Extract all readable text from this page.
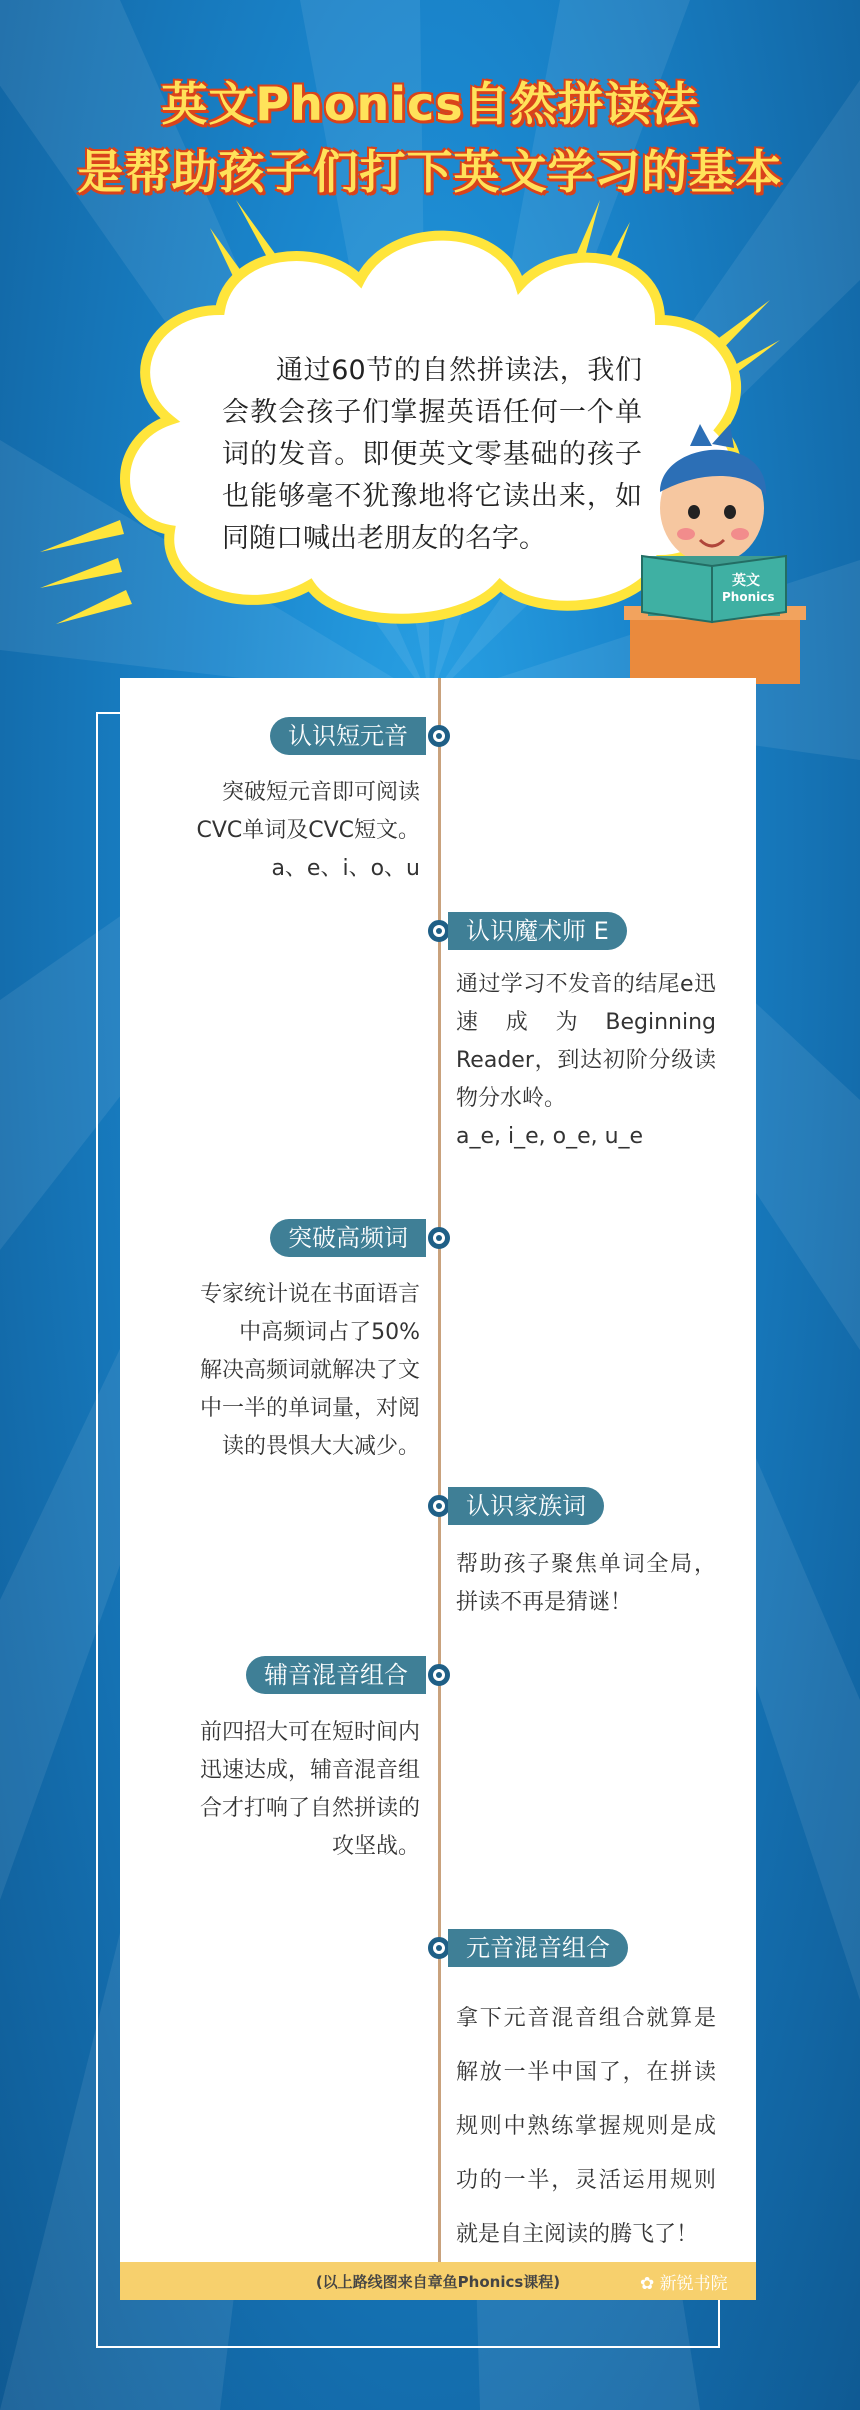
英文Phonics自然拼读法
是帮助孩子们打下英文学习的基本
英文
Phonics

通过60节的自然拼读法，我们会教会孩子们掌握英语任何一个单词的发音。即便英文零基础的孩子也能够毫不犹豫地将它读出来，如同随口喊出老朋友的名字。

认识短元音
突破短元音即可阅读
CVC单词及CVC短文。
a、e、i、o、u
认识魔术师 E
通过学习不发音的结尾e迅速成为Beginning Reader，到达初阶分级读物分水岭。
a_e, i_e, o_e, u_e
突破高频词
专家统计说在书面语言
中高频词占了50%
解决高频词就解决了文
中一半的单词量，对阅
读的畏惧大大减少。
认识家族词
帮助孩子聚焦单词全局，拼读不再是猜谜！
辅音混音组合
前四招大可在短时间内
迅速达成，辅音混音组
合才打响了自然拼读的
攻坚战。
元音混音组合
拿下元音混音组合就算是解放一半中国了，在拼读规则中熟练掌握规则是成功的一半，灵活运用规则就是自主阅读的腾飞了！
(以上路线图来自章鱼Phonics课程)	✿ 新锐书院
